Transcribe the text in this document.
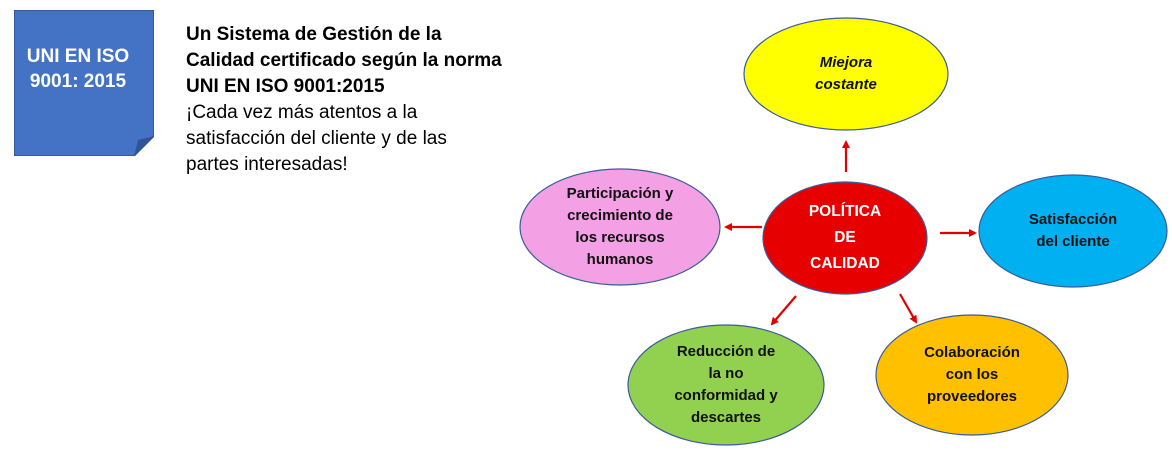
UNI EN ISO
9001: 2015
Un Sistema de Gestión de la
Calidad certificado según la norma
UNI EN ISO 9001:2015
¡Cada vez más atentos a la
satisfacción del cliente y de las
partes interesadas!
Miejora
costante
Satisfacción
del cliente
Colaboración
con los
proveedores
Reducción de
la no
conformidad y
descartes
Participación y
crecimiento de
los recursos
humanos
POLÍTICA
DE
CALIDAD
